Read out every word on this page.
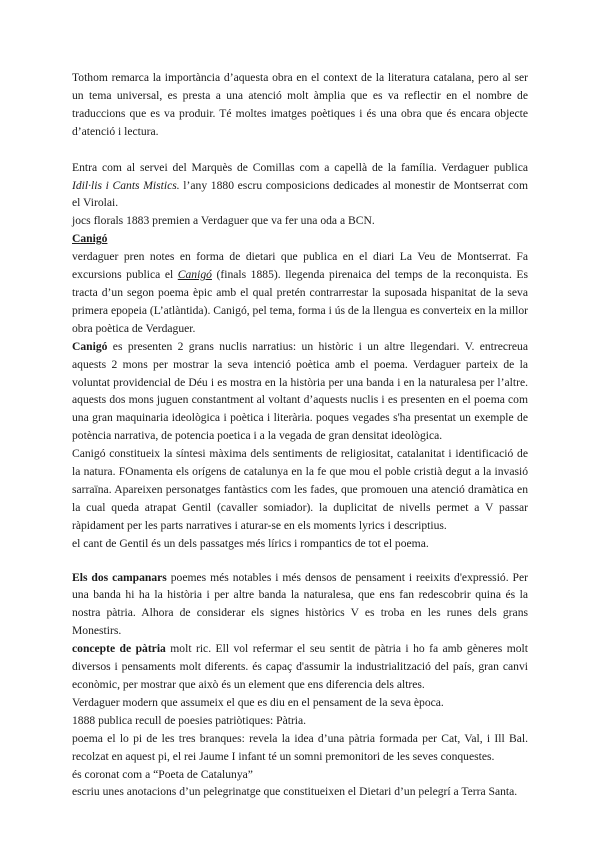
Tothom remarca la importància d’aquesta obra en el context de la literatura catalana, pero al ser un tema universal, es presta a una atenció molt àmplia que es va reflectir en el nombre de traduccions que es va produir. Té moltes imatges poètiques i és una obra que és encara objecte d’atenció i lectura.

Entra com al servei del Marquès de Comillas com a capellà de la família. Verdaguer publica Idil·lis i Cants Mistics. l’any 1880 escru composicions dedicades al monestir de Montserrat com el Virolai.

jocs florals 1883 premien a Verdaguer que va fer una oda a BCN.

Canigó

verdaguer pren notes en forma de dietari que publica en el diari La Veu de Montserrat. Fa excursions publica el Canigó (finals 1885). llegenda pirenaica del temps de la reconquista. Es tracta d’un segon poema èpic amb el qual pretén contrarrestar la suposada hispanitat de la seva primera epopeia (L’atlàntida). Canigó, pel tema, forma i ús de la llengua es converteix en la millor obra poètica de Verdaguer.

Canigó es presenten 2 grans nuclis narratius: un històric i un altre llegendari. V. entrecreua aquests 2 mons per mostrar la seva intenció poètica amb el poema. Verdaguer parteix de la voluntat providencial de Déu i es mostra en la història per una banda i en la naturalesa per l’altre. aquests dos mons juguen constantment al voltant d’aquests nuclis i es presenten en el poema com una gran maquinaria ideològica i poètica i literària. poques vegades s'ha presentat un exemple de potència narrativa, de potencia poetica i a la vegada de gran densitat ideològica.

Canigó constitueix la síntesi màxima dels sentiments de religiositat, catalanitat i identificació de la natura. FOnamenta els orígens de catalunya en la fe que mou el poble cristià degut a la invasió sarraïna. Apareixen personatges fantàstics com les fades, que promouen una atenció dramàtica en la cual queda atrapat Gentil (cavaller somiador). la duplicitat de nivells permet a V passar ràpidament per les parts narratives i aturar-se en els moments lyrics i descriptius.

el cant de Gentil és un dels passatges més lírics i rompantics de tot el poema.

Els dos campanars poemes més notables i més densos de pensament i reeixits d'expressió. Per una banda hi ha la història i per altre banda la naturalesa, que ens fan redescobrir quina és la nostra pàtria. Alhora de considerar els signes històrics V es troba en les runes dels grans Monestirs.

concepte de pàtria molt ric. Ell vol refermar el seu sentit de pàtria i ho fa amb gèneres molt diversos i pensaments molt diferents. és capaç d'assumir la industrialització del país, gran canvi econòmic, per mostrar que això és un element que ens diferencia dels altres.

Verdaguer modern que assumeix el que es diu en el pensament de la seva època.

1888 publica recull de poesies patriòtiques: Pàtria.

poema el lo pi de les tres branques: revela la idea d’una pàtria formada per Cat, Val, i Ill Bal. recolzat en aquest pi, el rei Jaume I infant té un somni premonitori de les seves conquestes.

és coronat com a “Poeta de Catalunya”

escriu unes anotacions d’un pelegrinatge que constitueixen el Dietari d’un pelegrí a Terra Santa.
